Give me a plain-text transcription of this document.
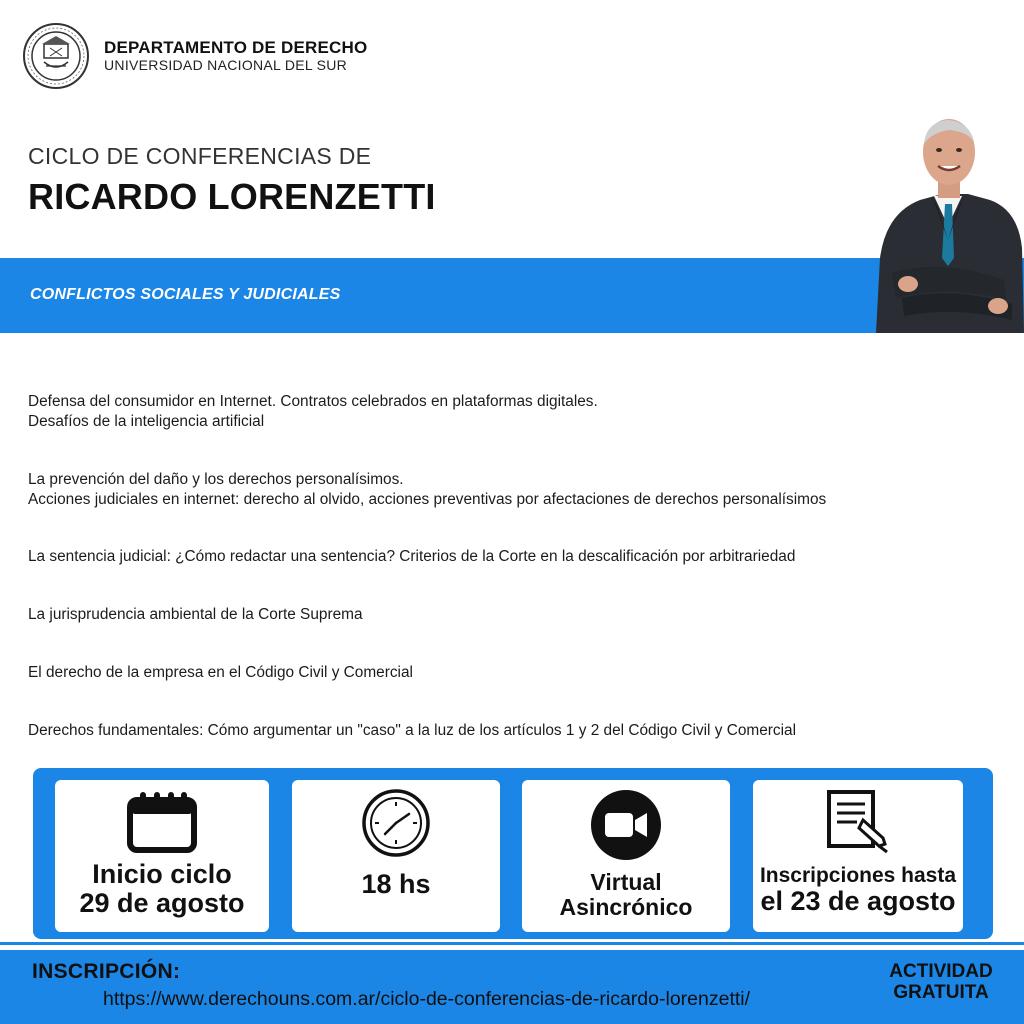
DEPARTAMENTO DE DERECHO
UNIVERSIDAD NACIONAL DEL SUR
CICLO DE CONFERENCIAS DE
RICARDO LORENZETTI
CONFLICTOS SOCIALES Y JUDICIALES
Defensa del consumidor en Internet. Contratos celebrados en plataformas digitales.
Desafíos de la inteligencia artificial
La prevención del daño y los derechos personalísimos.
Acciones judiciales en internet: derecho al olvido, acciones preventivas por afectaciones de derechos personalísimos
La sentencia judicial: ¿Cómo redactar una sentencia? Criterios de la Corte en la descalificación por arbitrariedad
La jurisprudencia ambiental de la Corte Suprema
El derecho de la empresa en el Código Civil y Comercial
Derechos fundamentales: Cómo argumentar un "caso" a la luz de los artículos 1 y 2 del Código Civil y Comercial
Inicio ciclo
29 de agosto
18 hs	Virtual
Asincrónico
Inscripciones hasta
el 23 de agosto
INSCRIPCIÓN:
https://www.derechouns.com.ar/ciclo-de-conferencias-de-ricardo-lorenzetti/
ACTIVIDAD
GRATUITA
